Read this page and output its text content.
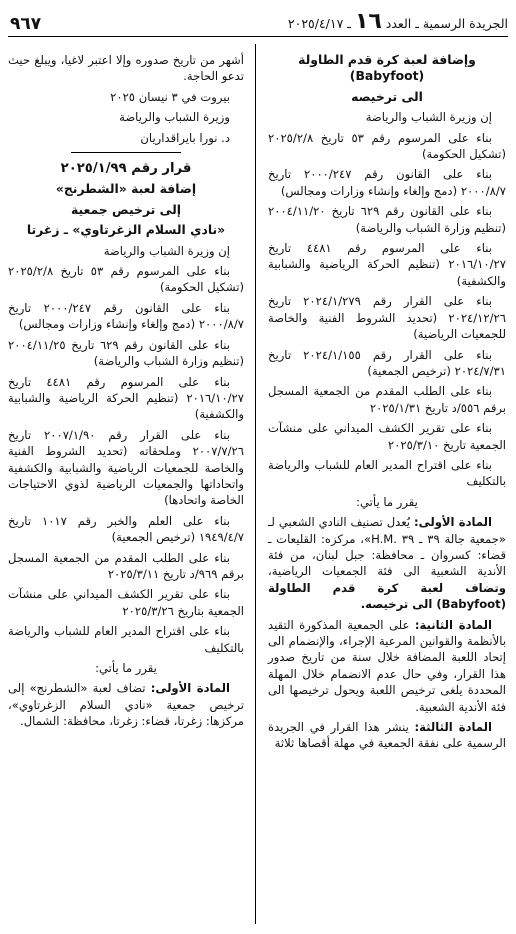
الجريدة الرسمية ـ العدد ١٦ ـ ٢٠٢٥/٤/١٧
٩٦٧
وإضافة لعبة كرة قدم الطاولة (Babyfoot)
الى ترخيصه

إن وزيرة الشباب والرياضة

بناء على المرسوم رقم ٥٣ تاريخ ٢٠٢٥/٢/٨ (تشكيل الحكومة)

بناء على القانون رقم ٢٠٠٠/٢٤٧ تاريخ ٢٠٠٠/٨/٧ (دمج وإلغاء وإنشاء وزارات ومجالس)

بناء على القانون رقم ٦٢٩ تاريخ ٢٠٠٤/١١/٢٠ (تنظيم وزارة الشباب والرياضة)

بناء على المرسوم رقم ٤٤٨١ تاريخ ٢٠١٦/١٠/٢٧ (تنظيم الحركة الرياضية والشبابية والكشفية)

بناء على القرار رقم ٢٠٢٤/١/٢٧٩ تاريخ ٢٠٢٤/١٢/٢٦ (تحديد الشروط الفنية والخاصة للجمعيات الرياضية)

بناء على القرار رقم ٢٠٢٤/١/١٥٥ تاريخ ٢٠٢٤/٧/٣١ (ترخيص الجمعية)

بناء على الطلب المقدم من الجمعية المسجل برقم ٥٥٦/د تاريخ ٢٠٢٥/١/٣١

بناء على تقرير الكشف الميداني على منشآت الجمعية تاريخ ٢٠٢٥/٣/١٠

بناء على اقتراح المدير العام للشباب والرياضة بالتكليف

يقرر ما يأتي:

المادة الأولى: يُعدل تصنيف النادي الشعبي لـ «جمعية جالة ٣٩ ـ ٣٩ .H.M»، مركزه: القليعات ـ قضاء: كسروان ـ محافظة: جبل لبنان، من فئة الأندية الشعبية الى فئة الجمعيات الرياضية، وتضاف لعبة كرة قدم الطاولة (Babyfoot) الى ترخيصه.

المادة الثانية: على الجمعية المذكورة التقيد بالأنظمة والقوانين المرعية الإجراء، والإنضمام الى إتحاد اللعبة المضافة خلال سنة من تاريخ صدور هذا القرار، وفي حال عدم الانضمام خلال المهلة المحددة يلغى ترخيص اللعبة ويحول ترخيصها الى فئة الأندية الشعبية.

المادة الثالثة: ينشر هذا القرار في الجريدة الرسمية على نفقة الجمعية في مهلة أقصاها ثلاثة

أشهر من تاريخ صدوره وإلا اعتبر لاغيا، ويبلغ حيث تدعو الحاجة.

بيروت في ٣ نيسان ٢٠٢٥

وزيرة الشباب والرياضة

د. نورا بايراقداريان

قرار رقم ٢٠٢٥/١/٩٩
إضافة لعبة «الشطرنج»
إلى ترخيص جمعية
«نادي السلام الزغرتاوي» ـ زغرتا

إن وزيرة الشباب والرياضة

بناء على المرسوم رقم ٥٣ تاريخ ٢٠٢٥/٢/٨ (تشكيل الحكومة)

بناء على القانون رقم ٢٠٠٠/٢٤٧ تاريخ ٢٠٠٠/٨/٧ (دمج وإلغاء وإنشاء وزارات ومجالس)

بناء على القانون رقم ٦٢٩ تاريخ ٢٠٠٤/١١/٢٥ (تنظيم وزارة الشباب والرياضة)

بناء على المرسوم رقم ٤٤٨١ تاريخ ٢٠١٦/١٠/٢٧ (تنظيم الحركة الرياضية والشبابية والكشفية)

بناء على القرار رقم ٢٠٠٧/١/٩٠ تاريخ ٢٠٠٧/٧/٢٦ وملحقاته (تحديد الشروط الفنية والخاصة للجمعيات الرياضية والشبابية والكشفية واتحاداتها والجمعيات الرياضية لذوي الاحتياجات الخاصة واتحادها)

بناء على العلم والخبر رقم ١٠١٧ تاريخ ١٩٤٩/٤/٧ (ترخيص الجمعية)

بناء على الطلب المقدم من الجمعية المسجل برقم ٩٦٩/د تاريخ ٢٠٢٥/٣/١١

بناء على تقرير الكشف الميداني على منشآت الجمعية بتاريخ ٢٠٢٥/٣/٢٦

بناء على اقتراح المدير العام للشباب والرياضة بالتكليف

يقرر ما يأتي:

المادة الأولى: تضاف لعبة «الشطرنج» إلى ترخيص جمعية «نادي السلام الزغرتاوي»، مركزها: زغرتا، قضاء: زغرتا، محافظة: الشمال.
